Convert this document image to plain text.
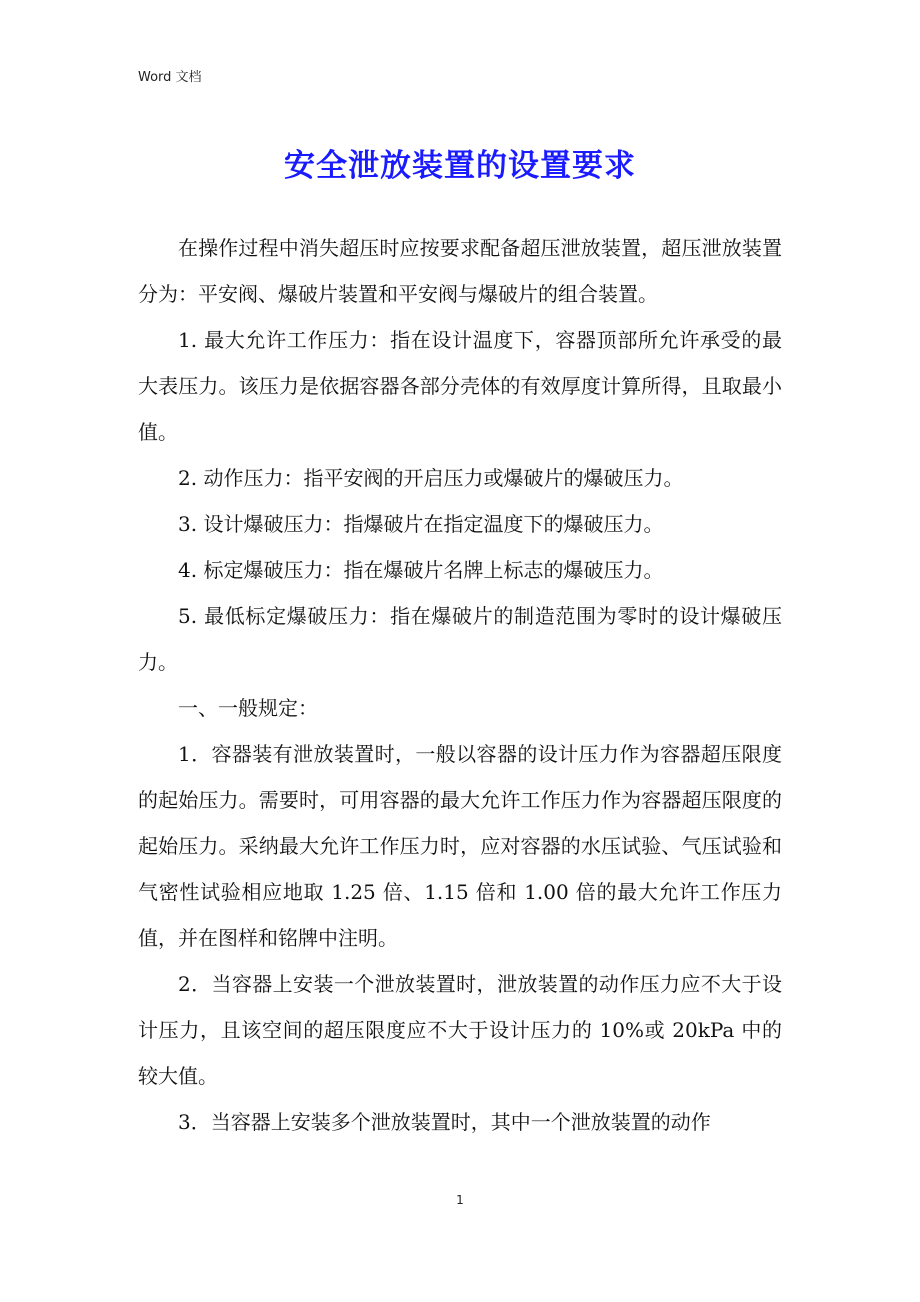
Word 文档
安全泄放装置的设置要求

在操作过程中消失超压时应按要求配备超压泄放装置，超压泄放装置分为：平安阀、爆破片装置和平安阀与爆破片的组合装置。

1. 最大允许工作压力：指在设计温度下，容器顶部所允许承受的最大表压力。该压力是依据容器各部分壳体的有效厚度计算所得，且取最小值。

2. 动作压力：指平安阀的开启压力或爆破片的爆破压力。

3. 设计爆破压力：指爆破片在指定温度下的爆破压力。

4. 标定爆破压力：指在爆破片名牌上标志的爆破压力。

5. 最低标定爆破压力：指在爆破片的制造范围为零时的设计爆破压力。

一、一般规定：

1．容器装有泄放装置时，一般以容器的设计压力作为容器超压限度的起始压力。需要时，可用容器的最大允许工作压力作为容器超压限度的起始压力。采纳最大允许工作压力时，应对容器的水压试验、气压试验和气密性试验相应地取 1.25 倍、1.15 倍和 1.00 倍的最大允许工作压力值，并在图样和铭牌中注明。

2．当容器上安装一个泄放装置时，泄放装置的动作压力应不大于设计压力，且该空间的超压限度应不大于设计压力的 10%或 20kPa 中的较大值。

3．当容器上安装多个泄放装置时，其中一个泄放装置的动作

1
